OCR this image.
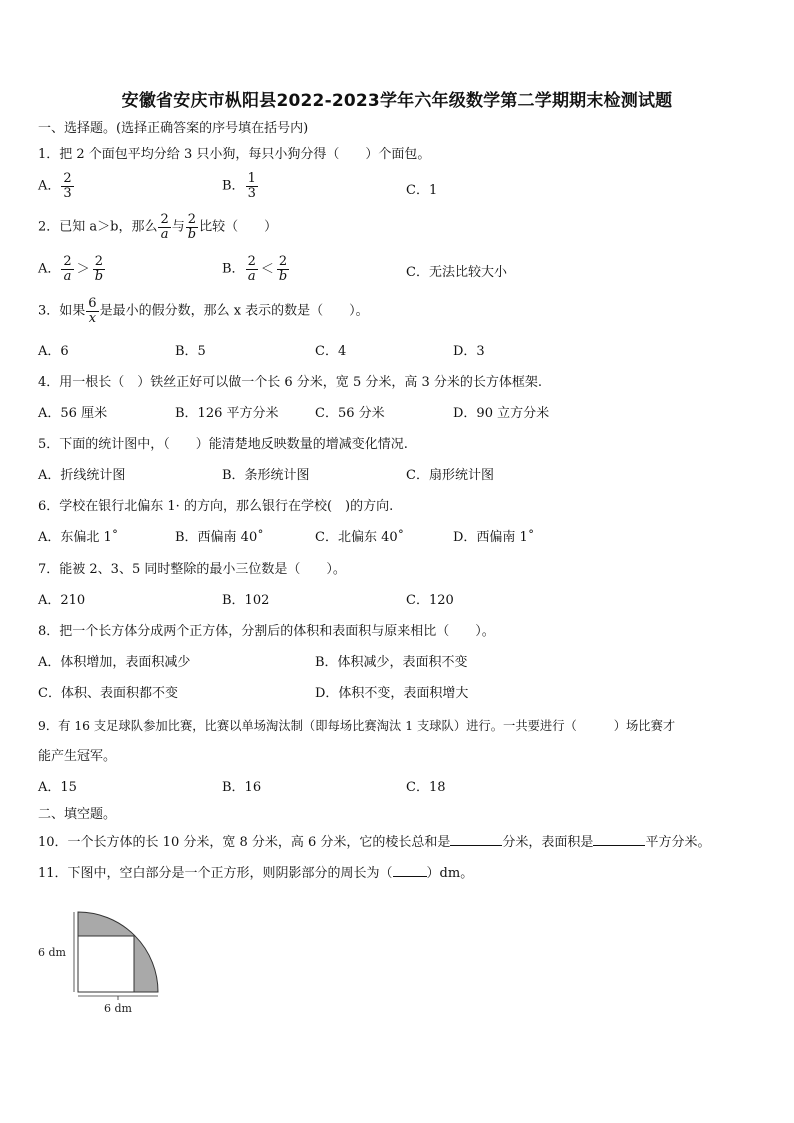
安徽省安庆市枞阳县2022-2023学年六年级数学第二学期期末检测试题
一、选择题。(选择正确答案的序号填在括号内)
1．把 2 个面包平均分给 3 只小狗，每只小狗分得（　　）个面包。
A． $\frac{2}{3}$	B． $\frac{1}{3}$	C．1
2．已知 a＞b，那么 $\frac{2}{a}$ 与 $\frac{2}{b}$ 比较（　　）
A． $\frac{2}{a} > \frac{2}{b}$	B． $\frac{2}{a} < \frac{2}{b}$	C．无法比较大小
3．如果 $\frac{6}{x}$ 是最小的假分数，那么 x 表示的数是（　　）。
A．6	B．5	C．4	D．3
4．用一根长（　）铁丝正好可以做一个长 6 分米，宽 5 分米，高 3 分米的长方体框架.
A．56 厘米	B．126 平方分米	C．56 分米	D．90 立方分米
5．下面的统计图中，（　　）能清楚地反映数量的增减变化情况.
A．折线统计图	B．条形统计图	C．扇形统计图
6．学校在银行北偏东 1· 的方向，那么银行在学校(　)的方向.
A．东偏北 1˚	B．西偏南 40˚	C．北偏东 40˚	D．西偏南 1˚
7．能被 2、3、5 同时整除的最小三位数是（　　）。
A．210	B．102	C．120
8．把一个长方体分成两个正方体，分割后的体积和表面积与原来相比（　　）。
A．体积增加，表面积减少	B．体积减少，表面积不变
C．体积、表面积都不变	D．体积不变，表面积增大
9．有 16 支足球队参加比赛，比赛以单场淘汰制（即每场比赛淘汰 1 支球队）进行。一共要进行（　　　）场比赛才
能产生冠军。
A．15	B．16	C．18
二、填空题。
10．一个长方体的长 10 分米，宽 8 分米，高 6 分米，它的棱长总和是	分米，表面积是	平方分米。
11．下图中，空白部分是一个正方形，则阴影部分的周长为（	）dm。
6 dm
6 dm
